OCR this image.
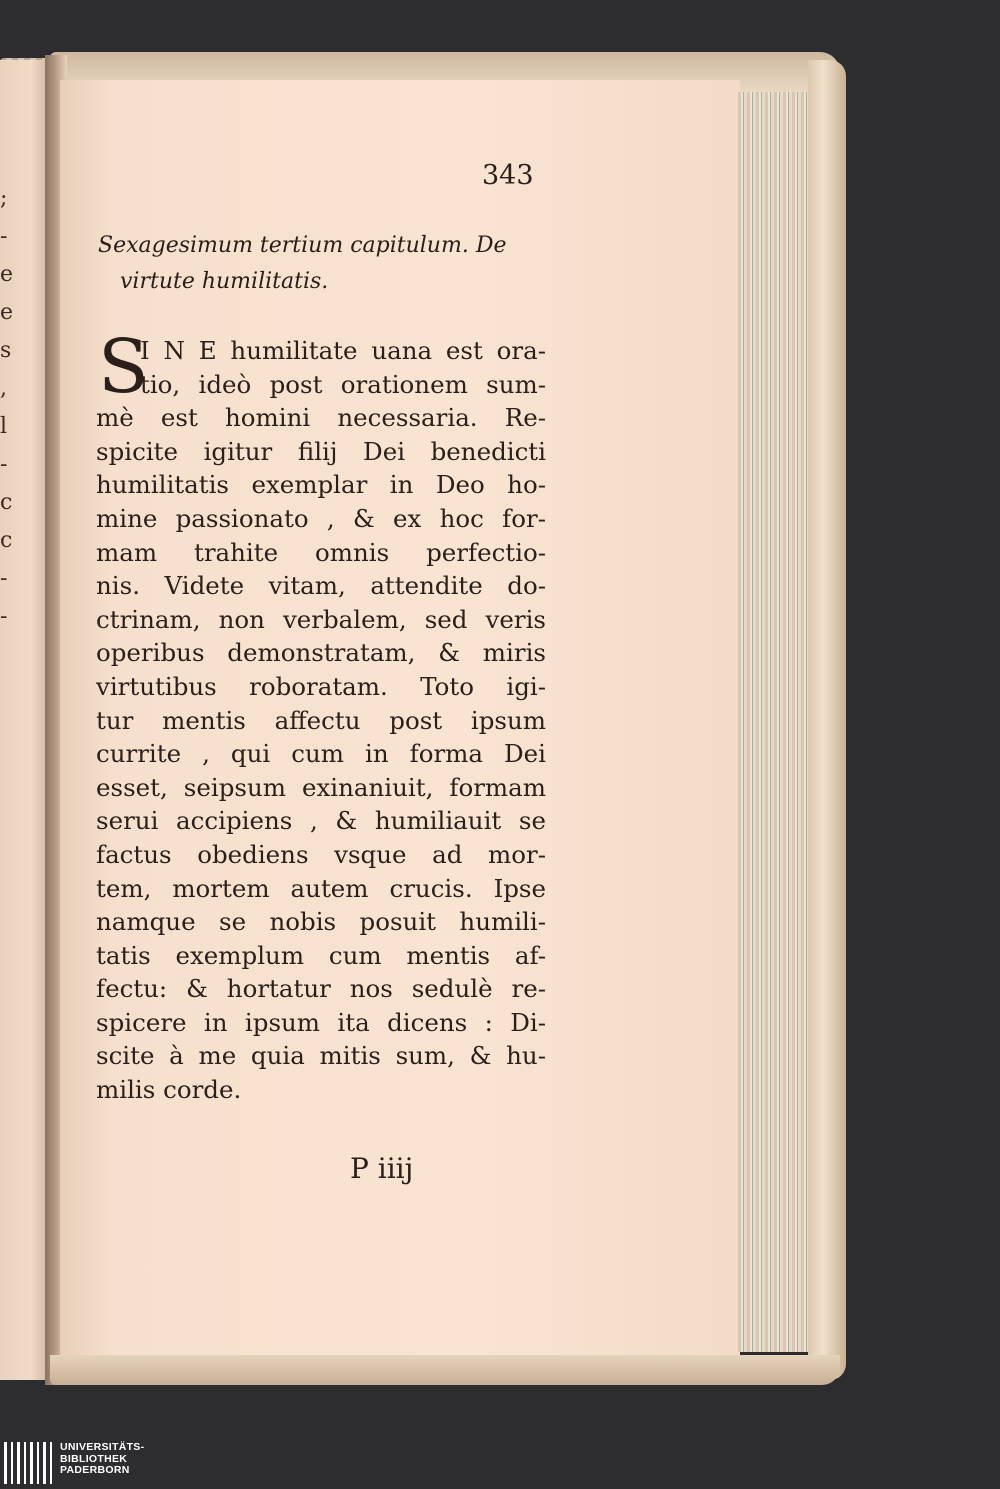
;
-
e
e
s
,
l
-
c
c
-
-
343
Sexagesimum tertium capitulum. De
virtute humilitatis.
S
I N E humilitate uana est ora-
tio, ideò post orationem sum-
mè est homini necessaria. Re-
spicite igitur filij Dei benedicti
humilitatis exemplar in Deo ho-
mine passionato , & ex hoc for-
mam trahite omnis perfectio-
nis. Videte vitam, attendite do-
ctrinam, non verbalem, sed veris
operibus demonstratam, & miris
virtutibus roboratam. Toto igi-
tur mentis affectu post ipsum
currite , qui cum in forma Dei
esset, seipsum exinaniuit, formam
serui accipiens , & humiliauit se
factus obediens vsque ad mor-
tem, mortem autem crucis. Ipse
namque se nobis posuit humili-
tatis exemplum cum mentis af-
fectu: & hortatur nos sedulè re-
spicere in ipsum ita dicens : Di-
scite à me quia mitis sum, & hu-
milis corde.
P iiij
UNIVERSITÄTS-
BIBLIOTHEK
PADERBORN
